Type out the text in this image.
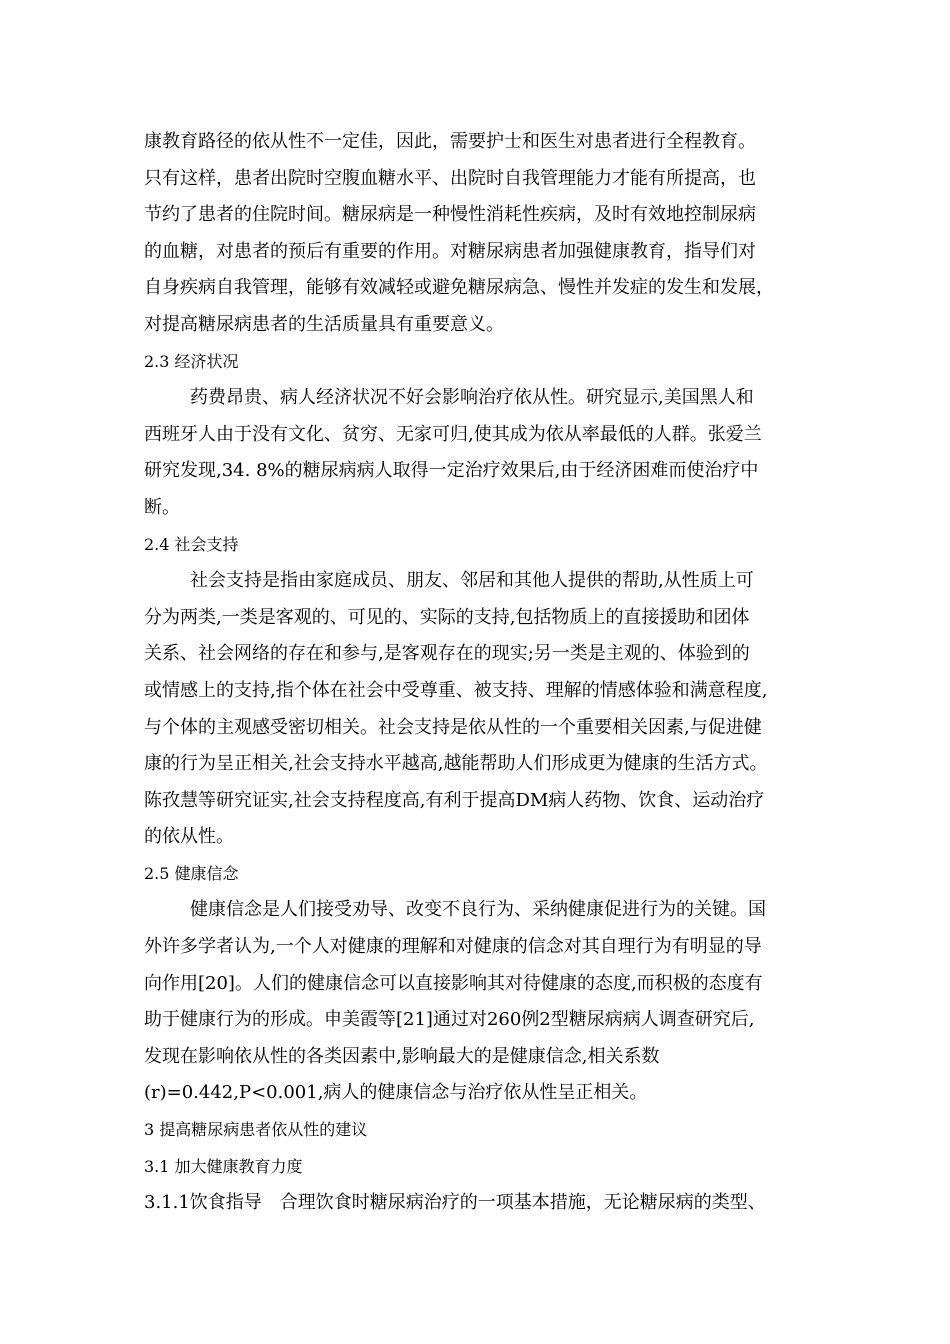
康教育路径的依从性不一定佳，因此，需要护士和医生对患者进行全程教育。
只有这样，患者出院时空腹血糖水平、出院时自我管理能力才能有所提高，也
节约了患者的住院时间。糖尿病是一种慢性消耗性疾病，及时有效地控制尿病
的血糖，对患者的预后有重要的作用。对糖尿病患者加强健康教育，指导们对
自身疾病自我管理，能够有效减轻或避免糖尿病急、慢性并发症的发生和发展，
对提高糖尿病患者的生活质量具有重要意义。
2.3 经济状况
药费昂贵、病人经济状况不好会影响治疗依从性。研究显示,美国黑人和
西班牙人由于没有文化、贫穷、无家可归,使其成为依从率最低的人群。张爱兰
研究发现,34. 8%的糖尿病病人取得一定治疗效果后,由于经济困难而使治疗中
断。
2.4 社会支持
社会支持是指由家庭成员、朋友、邻居和其他人提供的帮助,从性质上可
分为两类,一类是客观的、可见的、实际的支持,包括物质上的直接援助和团体
关系、社会网络的存在和参与,是客观存在的现实;另一类是主观的、体验到的
或情感上的支持,指个体在社会中受尊重、被支持、理解的情感体验和满意程度,
与个体的主观感受密切相关。社会支持是依从性的一个重要相关因素,与促进健
康的行为呈正相关,社会支持水平越高,越能帮助人们形成更为健康的生活方式。
陈孜慧等研究证实,社会支持程度高,有利于提高DM病人药物、饮食、运动治疗
的依从性。
2.5 健康信念
健康信念是人们接受劝导、改变不良行为、采纳健康促进行为的关键。国
外许多学者认为,一个人对健康的理解和对健康的信念对其自理行为有明显的导
向作用[20]。人们的健康信念可以直接影响其对待健康的态度,而积极的态度有
助于健康行为的形成。申美霞等[21]通过对260例2型糖尿病病人调查研究后,
发现在影响依从性的各类因素中,影响最大的是健康信念,相关系数
(r)=0.442,P<0.001,病人的健康信念与治疗依从性呈正相关。
3 提高糖尿病患者依从性的建议
3.1 加大健康教育力度
3.1.1饮食指导　合理饮食时糖尿病治疗的一项基本措施，无论糖尿病的类型、
